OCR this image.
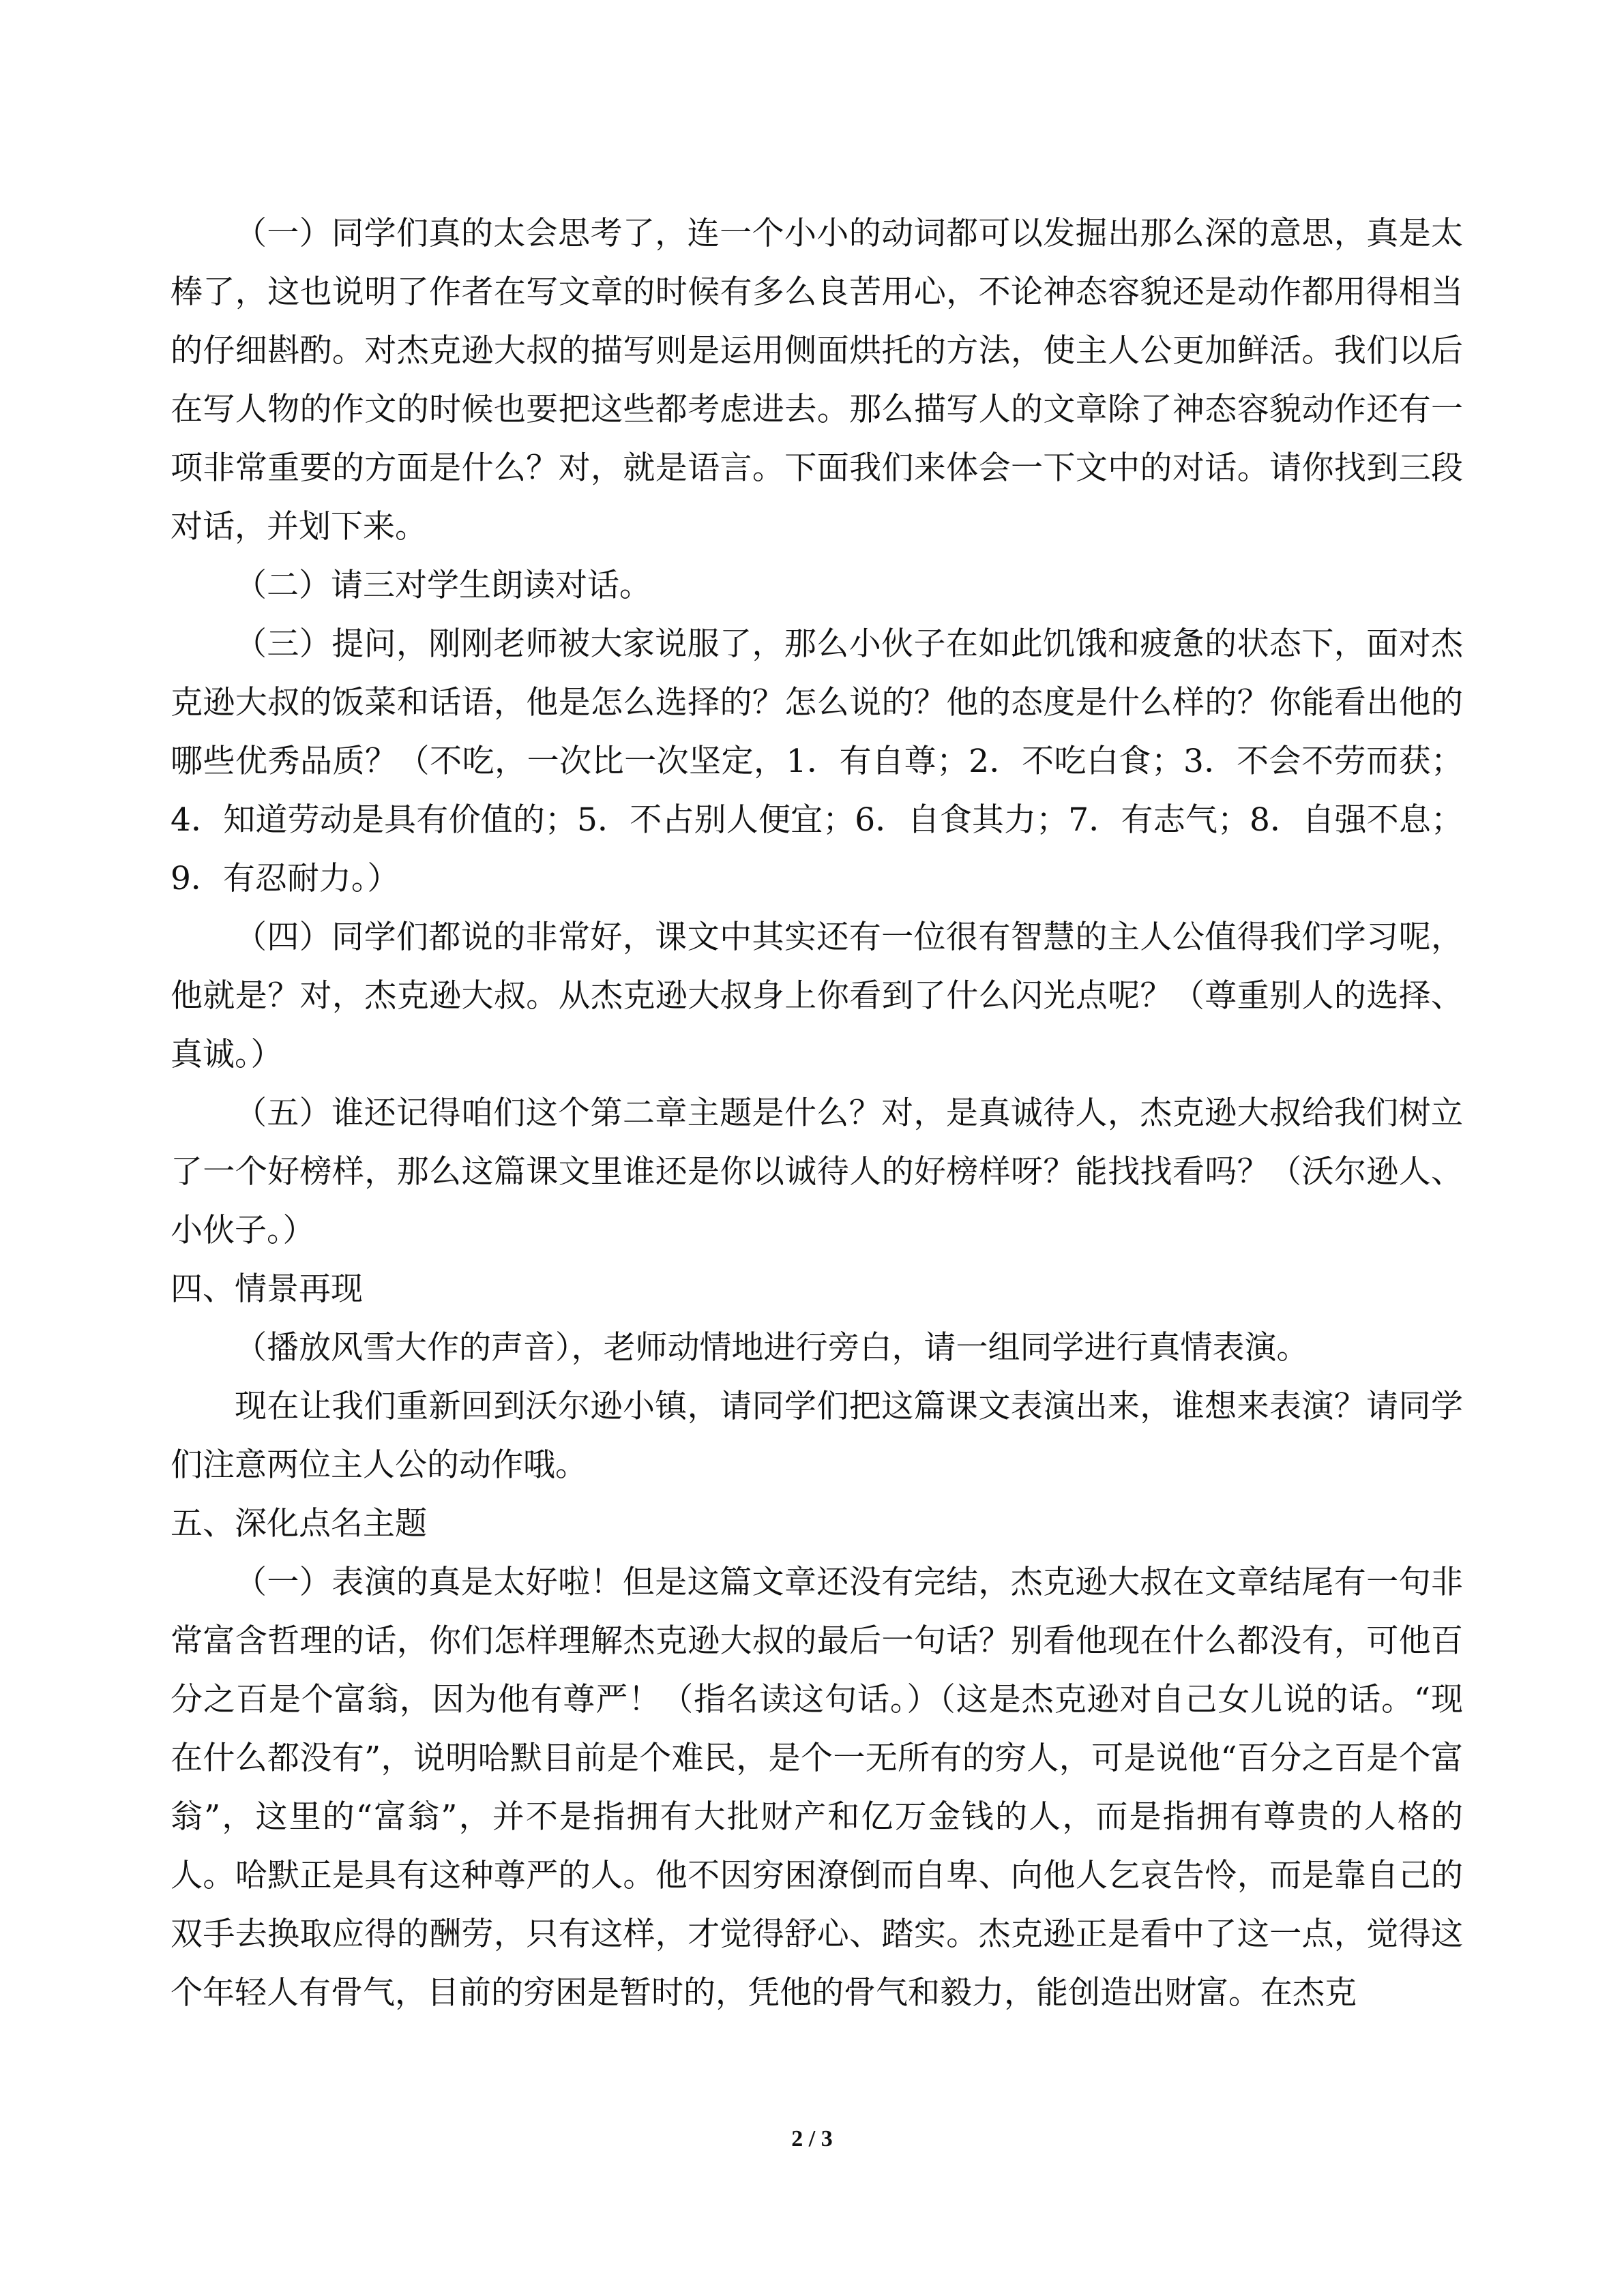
（一）同学们真的太会思考了，连一个小小的动词都可以发掘出那么深的意思，真是太棒了，这也说明了作者在写文章的时候有多么良苦用心，不论神态容貌还是动作都用得相当的仔细斟酌。对杰克逊大叔的描写则是运用侧面烘托的方法，使主人公更加鲜活。我们以后在写人物的作文的时候也要把这些都考虑进去。那么描写人的文章除了神态容貌动作还有一项非常重要的方面是什么？对，就是语言。下面我们来体会一下文中的对话。请你找到三段对话，并划下来。

（二）请三对学生朗读对话。

（三）提问，刚刚老师被大家说服了，那么小伙子在如此饥饿和疲惫的状态下，面对杰克逊大叔的饭菜和话语，他是怎么选择的？怎么说的？他的态度是什么样的？你能看出他的哪些优秀品质？（不吃，一次比一次坚定，1．有自尊；2．不吃白食；3．不会不劳而获；4．知道劳动是具有价值的；5．不占别人便宜；6．自食其力；7．有志气；8．自强不息；9．有忍耐力。）

（四）同学们都说的非常好，课文中其实还有一位很有智慧的主人公值得我们学习呢，他就是？对，杰克逊大叔。从杰克逊大叔身上你看到了什么闪光点呢？（尊重别人的选择、真诚。）

（五）谁还记得咱们这个第二章主题是什么？对，是真诚待人，杰克逊大叔给我们树立了一个好榜样，那么这篇课文里谁还是你以诚待人的好榜样呀？能找找看吗？（沃尔逊人、小伙子。）

四、情景再现

（播放风雪大作的声音），老师动情地进行旁白，请一组同学进行真情表演。

现在让我们重新回到沃尔逊小镇，请同学们把这篇课文表演出来，谁想来表演？请同学们注意两位主人公的动作哦。

五、深化点名主题

（一）表演的真是太好啦！但是这篇文章还没有完结，杰克逊大叔在文章结尾有一句非常富含哲理的话，你们怎样理解杰克逊大叔的最后一句话？别看他现在什么都没有，可他百分之百是个富翁，因为他有尊严！（指名读这句话。）（这是杰克逊对自己女儿说的话。“现在什么都没有”，说明哈默目前是个难民，是个一无所有的穷人，可是说他“百分之百是个富翁”，这里的“富翁”，并不是指拥有大批财产和亿万金钱的人，而是指拥有尊贵的人格的人。哈默正是具有这种尊严的人。他不因穷困潦倒而自卑、向他人乞哀告怜，而是靠自己的双手去换取应得的酬劳，只有这样，才觉得舒心、踏实。杰克逊正是看中了这一点，觉得这个年轻人有骨气，目前的穷困是暂时的，凭他的骨气和毅力，能创造出财富。在杰克

2 / 3
